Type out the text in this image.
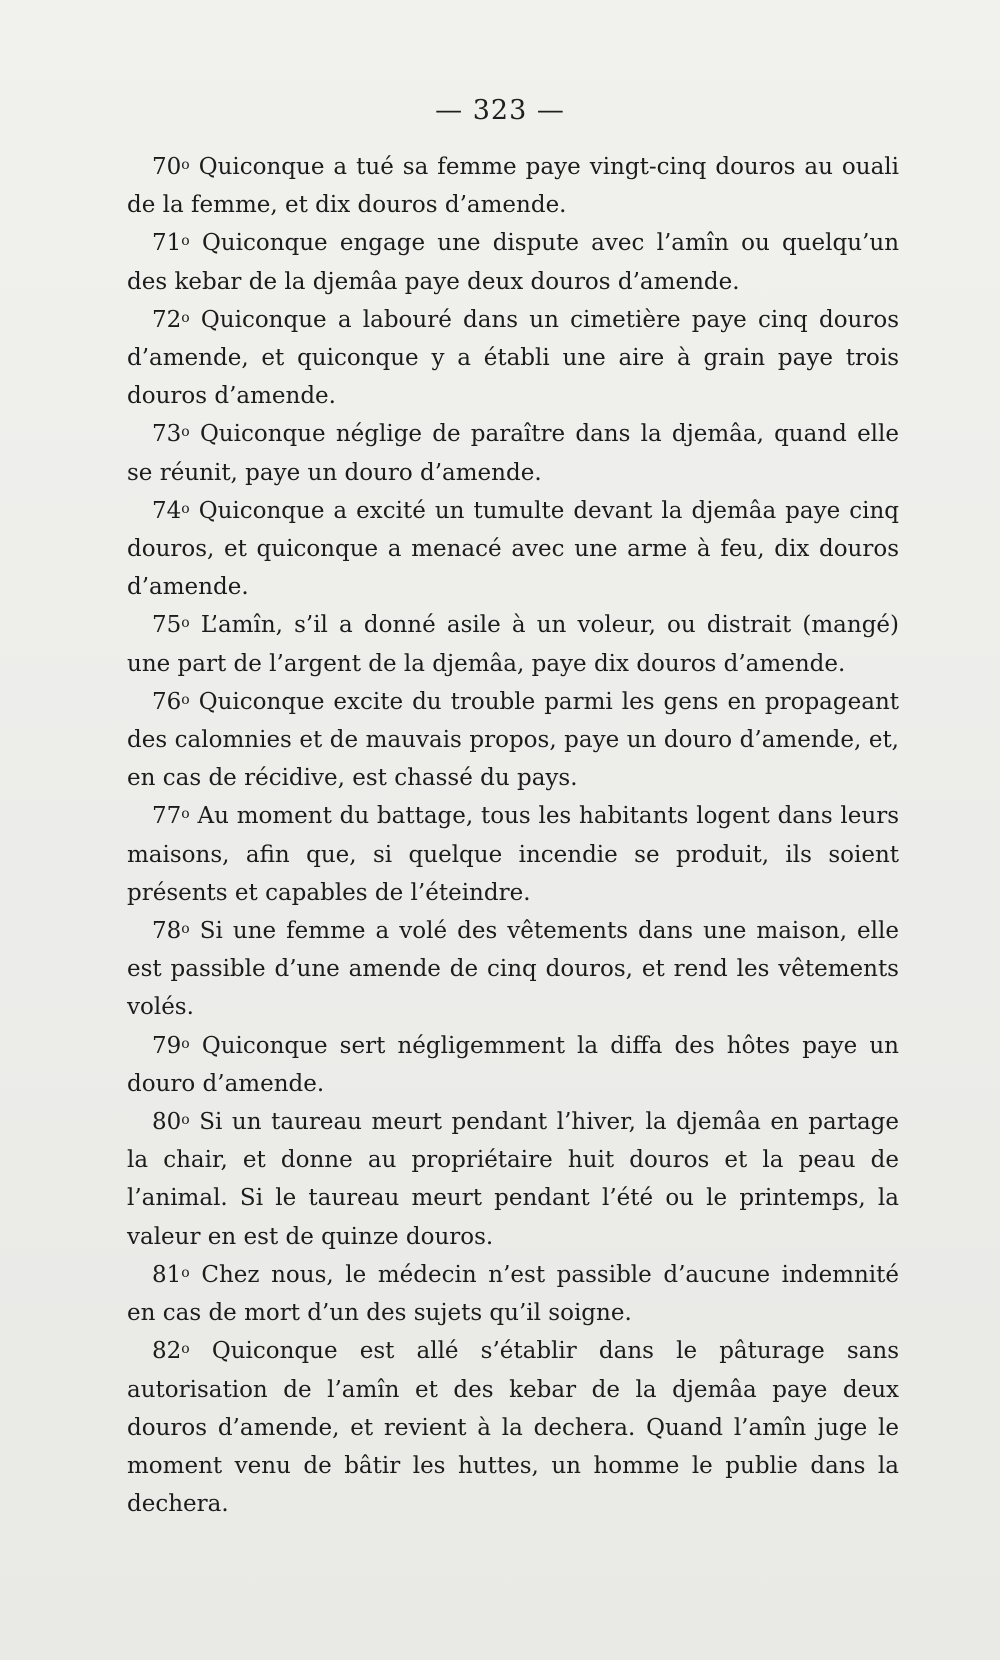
— 323 —

70$^o$ Quiconque a tué sa femme paye vingt-cinq douros au ouali de la femme, et dix douros d’amende.

71$^o$ Quiconque engage une dispute avec l’amîn ou quelqu’un des kebar de la djemâa paye deux douros d’amende.

72$^o$ Quiconque a labouré dans un cimetière paye cinq douros d’amende, et quiconque y a établi une aire à grain paye trois douros d’amende.

73$^o$ Quiconque néglige de paraître dans la djemâa, quand elle se réunit, paye un douro d’amende.

74$^o$ Quiconque a excité un tumulte devant la djemâa paye cinq douros, et quiconque a menacé avec une arme à feu, dix douros d’amende.

75$^o$ L’amîn, s’il a donné asile à un voleur, ou distrait (mangé) une part de l’argent de la djemâa, paye dix douros d’amende.

76$^o$ Quiconque excite du trouble parmi les gens en propageant des calomnies et de mauvais propos, paye un douro d’amende, et, en cas de récidive, est chassé du pays.

77$^o$ Au moment du battage, tous les habitants logent dans leurs maisons, afin que, si quelque incendie se produit, ils soient présents et capables de l’éteindre.

78$^o$ Si une femme a volé des vêtements dans une maison, elle est passible d’une amende de cinq douros, et rend les vêtements volés.

79$^o$ Quiconque sert négligemment la diffa des hôtes paye un douro d’amende.

80$^o$ Si un taureau meurt pendant l’hiver, la djemâa en partage la chair, et donne au propriétaire huit douros et la peau de l’animal. Si le taureau meurt pendant l’été ou le printemps, la valeur en est de quinze douros.

81$^o$ Chez nous, le médecin n’est passible d’aucune indemnité en cas de mort d’un des sujets qu’il soigne.

82$^o$ Quiconque est allé s’établir dans le pâturage sans autorisation de l’amîn et des kebar de la djemâa paye deux douros d’amende, et revient à la dechera. Quand l’amîn juge le moment venu de bâtir les huttes, un homme le publie dans la dechera.
